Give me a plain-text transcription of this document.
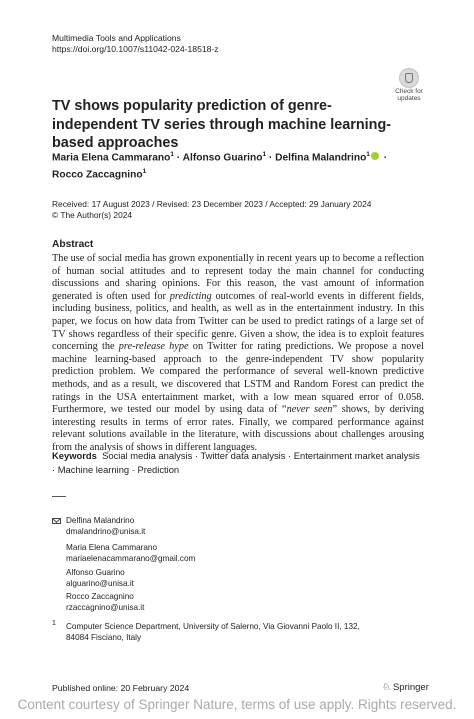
Multimedia Tools and Applications
https://doi.org/10.1007/s11042-024-18518-z
Check for
updates
TV shows popularity prediction of genre-independent TV series through machine learning-based approaches
Maria Elena Cammarano$^1$ · Alfonso Guarino$^1$ · Delfina Malandrino$^1$ ·
Rocco Zaccagnino$^1$
Received: 17 August 2023 / Revised: 23 December 2023 / Accepted: 29 January 2024
© The Author(s) 2024
Abstract

The use of social media has grown exponentially in recent years up to become a reflection of human social attitudes and to represent today the main channel for conducting discussions and sharing opinions. For this reason, the vast amount of information generated is often used for predicting outcomes of real-world events in different fields, including business, politics, and health, as well as in the entertainment industry. In this paper, we focus on how data from Twitter can be used to predict ratings of a large set of TV shows regardless of their specific genre. Given a show, the idea is to exploit features concerning the pre-release hype on Twitter for rating predictions. We propose a novel machine learning-based approach to the genre-independent TV show popularity prediction problem. We compared the performance of several well-known predictive methods, and as a result, we discovered that LSTM and Random Forest can predict the ratings in the USA entertainment market, with a low mean squared error of 0.058. Furthermore, we tested our model by using data of “never seen” shows, by deriving interesting results in terms of error rates. Finally, we compared performance against relevant solutions available in the literature, with discussions about challenges arousing from the analysis of shows in different languages.

Keywords Social media analysis · Twitter data analysis · Entertainment market analysis · Machine learning · Prediction
Delfina Malandrino
dmalandrino@unisa.it
Maria Elena Cammarano
mariaelenacammarano@gmail.com
Alfonso Guarino
alguarino@unisa.it
Rocco Zaccagnino
rzaccagnino@unisa.it
1 Computer Science Department, University of Salerno, Via Giovanni Paolo II, 132,
84084 Fisciano, Italy
Published online: 20 February 2024	♘ Springer
Content courtesy of Springer Nature, terms of use apply. Rights reserved.
